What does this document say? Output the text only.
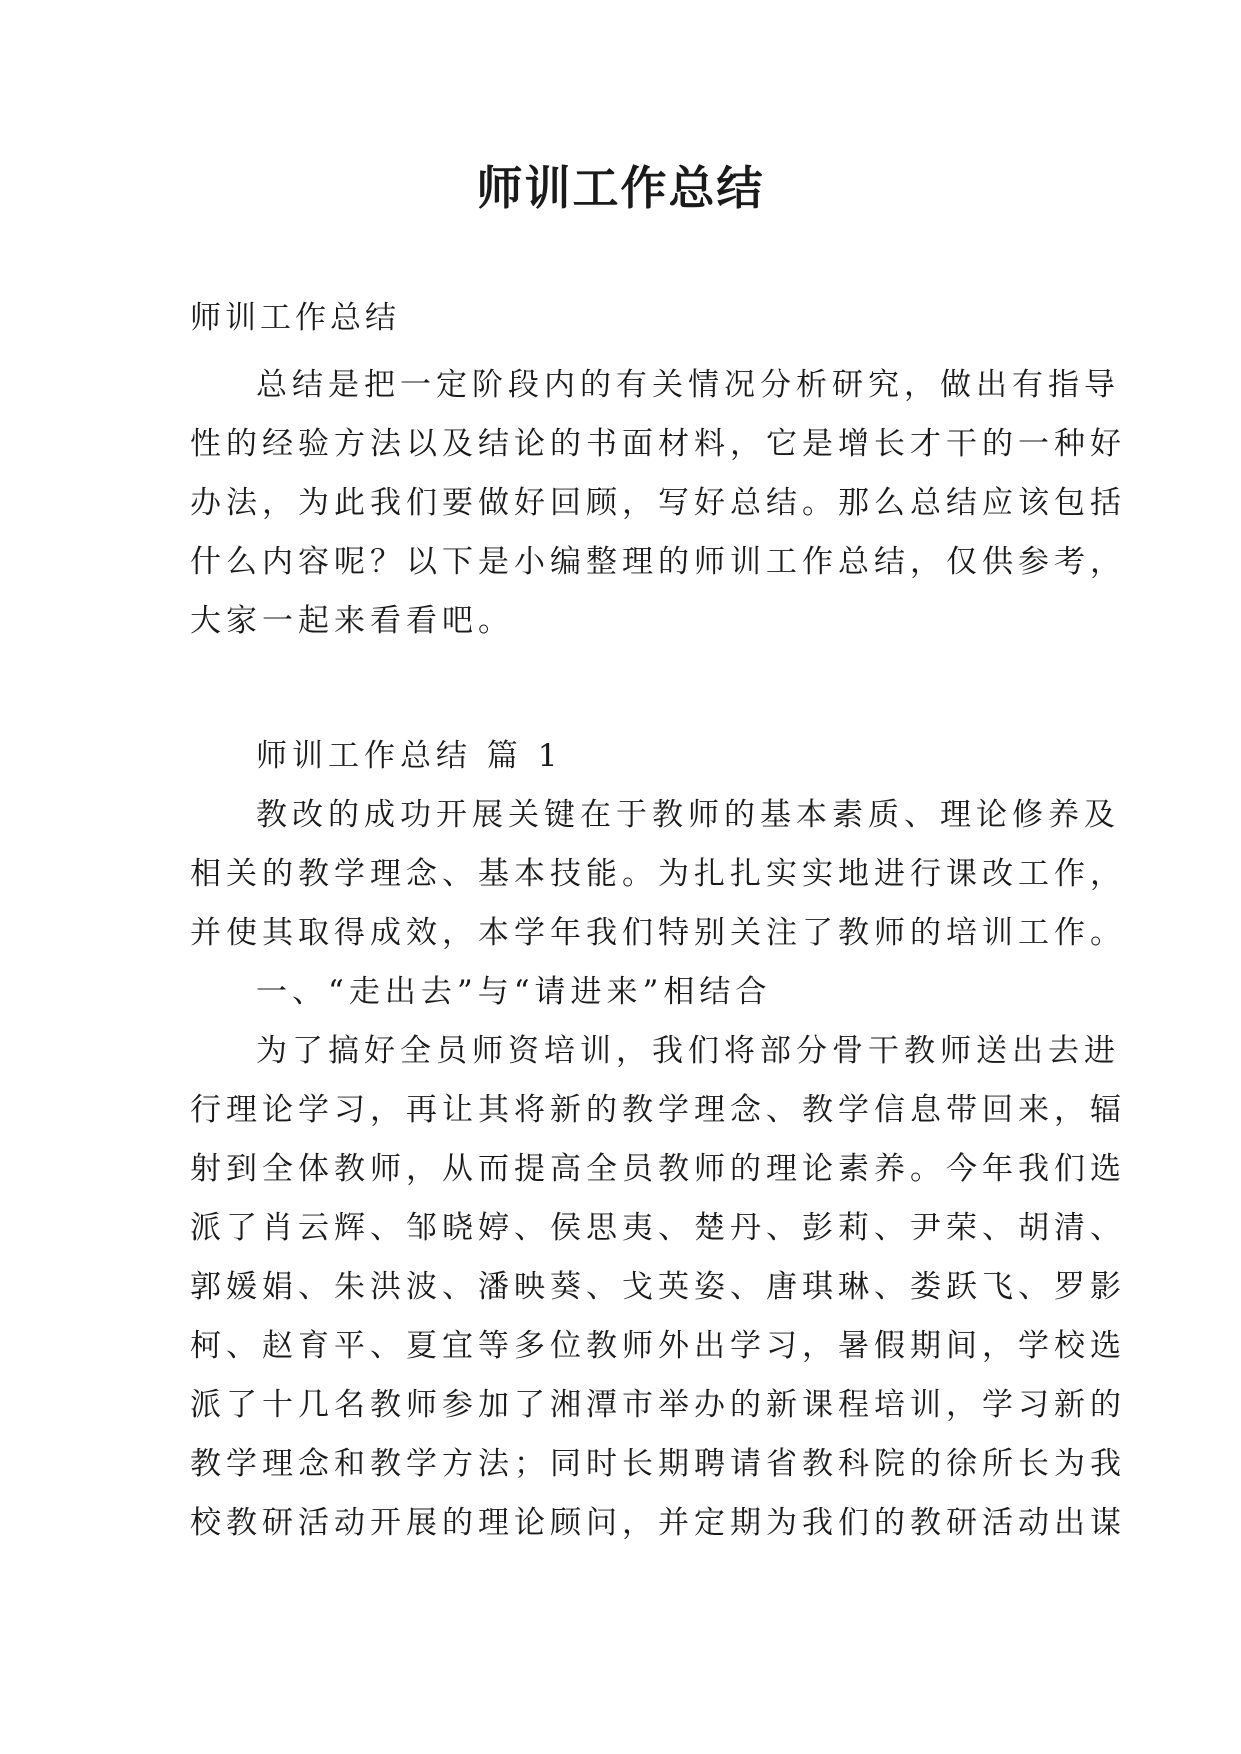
师训工作总结

师训工作总结

总结是把一定阶段内的有关情况分析研究，做出有指导
性的经验方法以及结论的书面材料，它是增长才干的一种好
办法，为此我们要做好回顾，写好总结。那么总结应该包括
什么内容呢？以下是小编整理的师训工作总结，仅供参考，
大家一起来看看吧。
师训工作总结 篇 1
教改的成功开展关键在于教师的基本素质、理论修养及
相关的教学理念、基本技能。为扎扎实实地进行课改工作，
并使其取得成效，本学年我们特别关注了教师的培训工作。
一、“走出去”与“请进来”相结合
为了搞好全员师资培训，我们将部分骨干教师送出去进
行理论学习，再让其将新的教学理念、教学信息带回来，辐
射到全体教师，从而提高全员教师的理论素养。今年我们选
派了肖云辉、邹晓婷、侯思夷、楚丹、彭莉、尹荣、胡清、
郭媛娟、朱洪波、潘映葵、戈英姿、唐琪琳、娄跃飞、罗影
柯、赵育平、夏宜等多位教师外出学习，暑假期间，学校选
派了十几名教师参加了湘潭市举办的新课程培训，学习新的
教学理念和教学方法；同时长期聘请省教科院的徐所长为我
校教研活动开展的理论顾问，并定期为我们的教研活动出谋
